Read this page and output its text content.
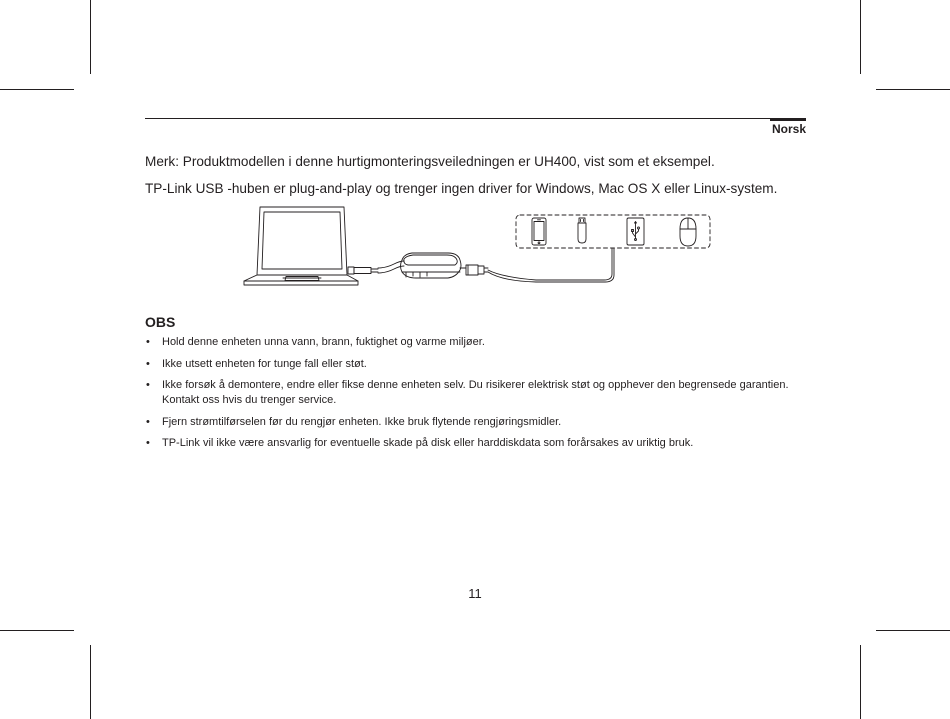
Norsk
Merk: Produktmodellen i denne hurtigmonteringsveiledningen er UH400, vist som et eksempel.
TP-Link USB -huben er plug-and-play og trenger ingen driver for Windows, Mac OS X eller Linux-system.
OBS
• Hold denne enheten unna vann, brann, fuktighet og varme miljøer.
• Ikke utsett enheten for tunge fall eller støt.
• Ikke forsøk å demontere, endre eller fikse denne enheten selv. Du risikerer elektrisk støt og opphever den begrensede garantien. Kontakt oss hvis du trenger service.
• Fjern strømtilførselen før du rengjør enheten. Ikke bruk flytende rengjøringsmidler.
• TP-Link vil ikke være ansvarlig for eventuelle skade på disk eller harddiskdata som forårsakes av uriktig bruk.
11
